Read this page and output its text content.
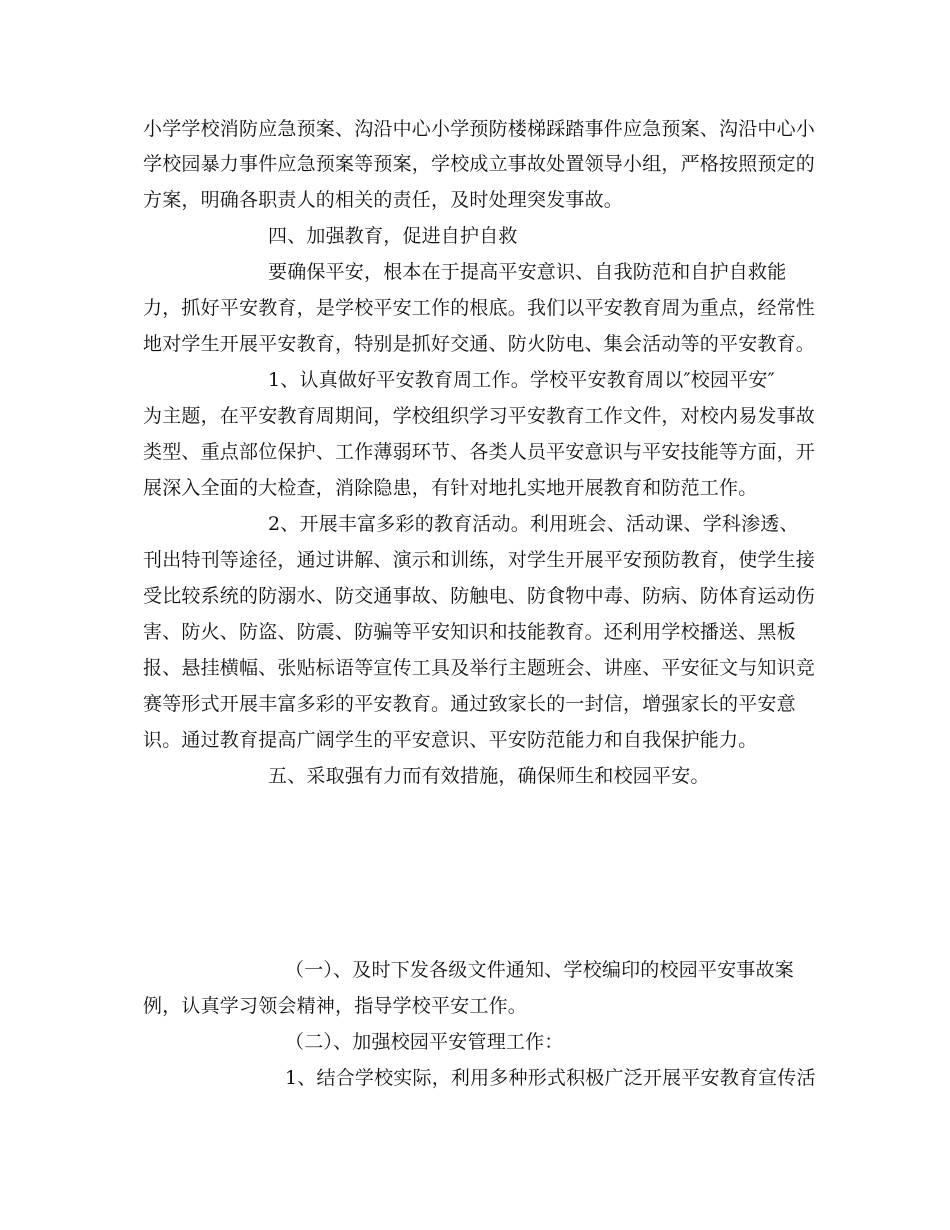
小学学校消防应急预案、沟沿中心小学预防楼梯踩踏事件应急预案、沟沿中心小
学校园暴力事件应急预案等预案，学校成立事故处置领导小组，严格按照预定的
方案，明确各职责人的相关的责任，及时处理突发事故。
四、加强教育，促进自护自救
要确保平安，根本在于提高平安意识、自我防范和自护自救能
力，抓好平安教育，是学校平安工作的根底。我们以平安教育周为重点，经常性
地对学生开展平安教育，特别是抓好交通、防火防电、集会活动等的平安教育。
1、认真做好平安教育周工作。学校平安教育周以″校园平安″
为主题，在平安教育周期间，学校组织学习平安教育工作文件，对校内易发事故
类型、重点部位保护、工作薄弱环节、各类人员平安意识与平安技能等方面，开
展深入全面的大检查，消除隐患，有针对地扎实地开展教育和防范工作。
2、开展丰富多彩的教育活动。利用班会、活动课、学科渗透、
刊出特刊等途径，通过讲解、演示和训练，对学生开展平安预防教育，使学生接
受比较系统的防溺水、防交通事故、防触电、防食物中毒、防病、防体育运动伤
害、防火、防盗、防震、防骗等平安知识和技能教育。还利用学校播送、黑板
报、悬挂横幅、张贴标语等宣传工具及举行主题班会、讲座、平安征文与知识竞
赛等形式开展丰富多彩的平安教育。通过致家长的一封信，增强家长的平安意
识。通过教育提高广阔学生的平安意识、平安防范能力和自我保护能力。
五、采取强有力而有效措施，确保师生和校园平安。
（一）、及时下发各级文件通知、学校编印的校园平安事故案
例，认真学习领会精神，指导学校平安工作。
（二）、加强校园平安管理工作：
1、结合学校实际，利用多种形式积极广泛开展平安教育宣传活
